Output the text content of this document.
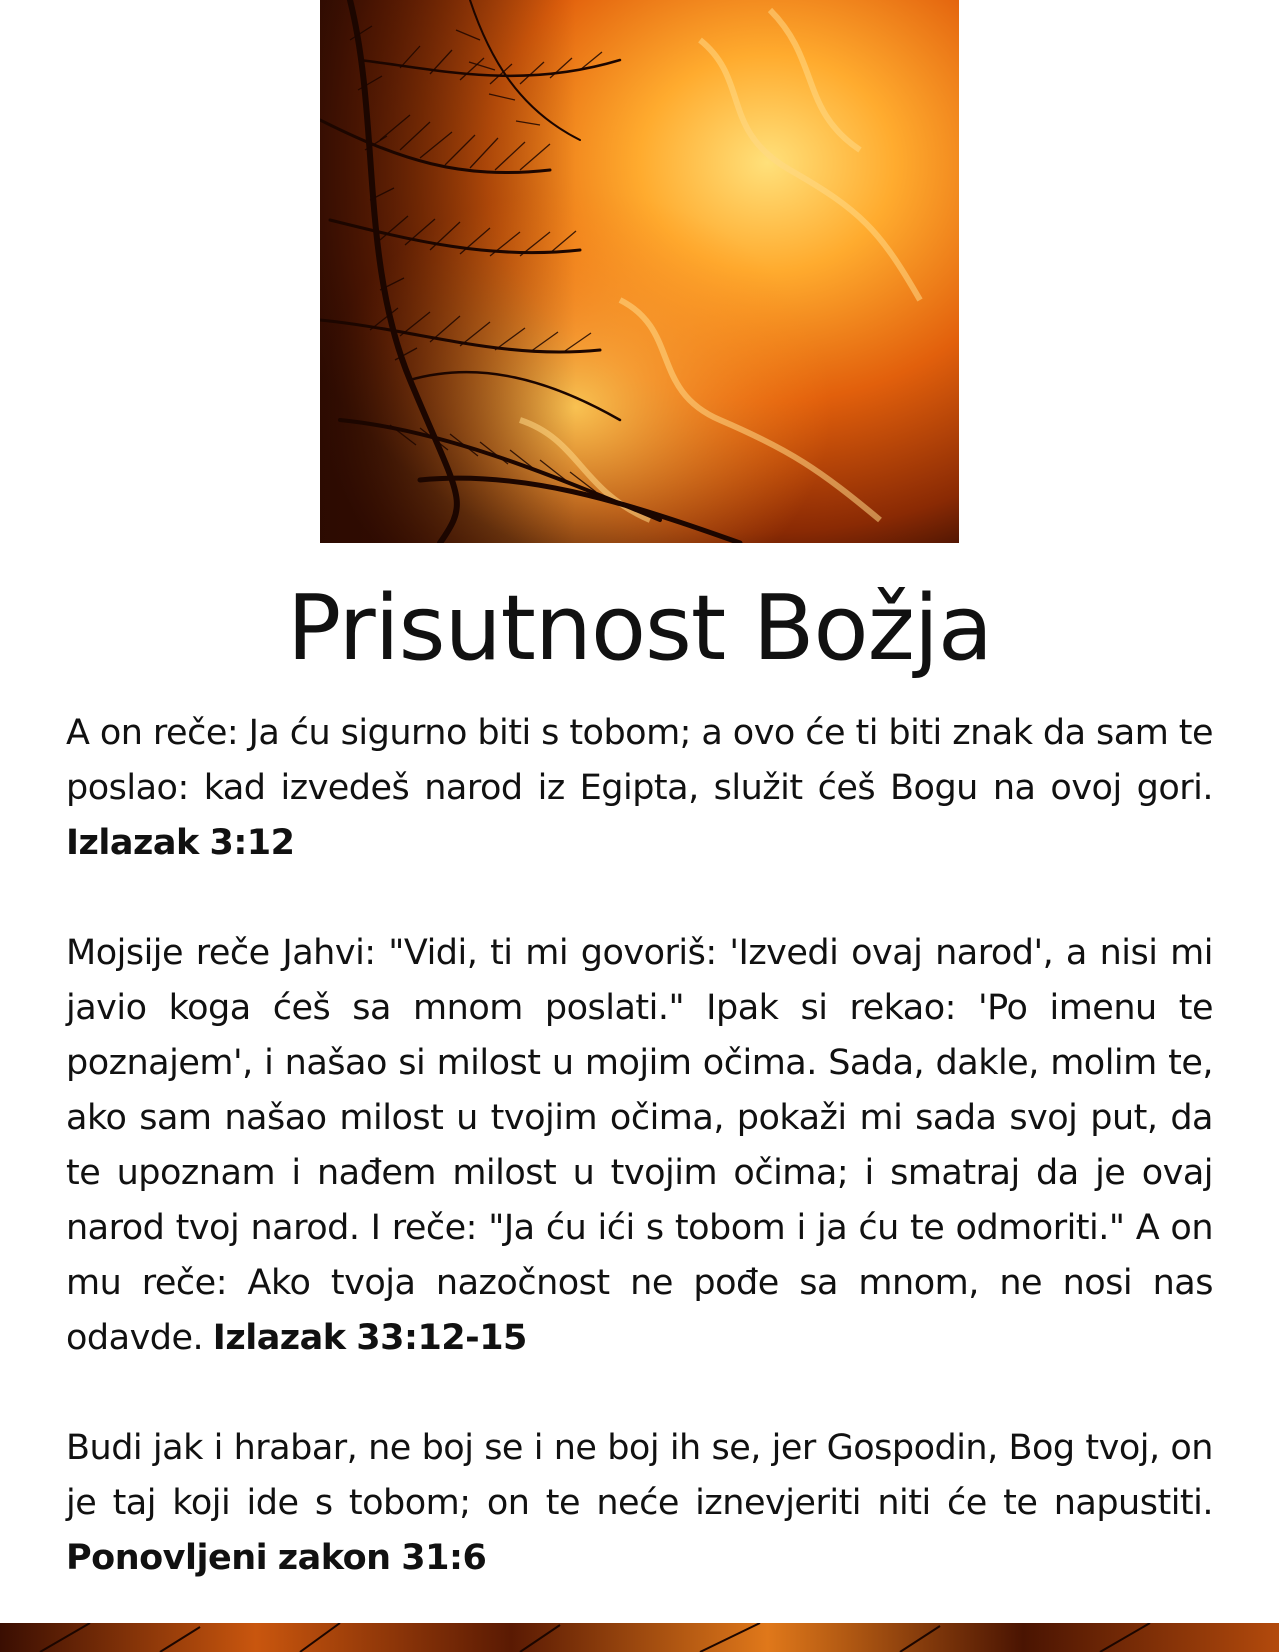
Prisutnost Božja

A on reče: Ja ću sigurno biti s tobom; a ovo će ti biti znak da sam te poslao: kad izvedeš narod iz Egipta, služit ćeš Bogu na ovoj gori. Izlazak 3:12

Mojsije reče Jahvi: "Vidi, ti mi govoriš: 'Izvedi ovaj narod', a nisi mi javio koga ćeš sa mnom poslati." Ipak si rekao: 'Po imenu te poznajem', i našao si milost u mojim očima. Sada, dakle, molim te, ako sam našao milost u tvojim očima, pokaži mi sada svoj put, da te upoznam i nađem milost u tvojim očima; i smatraj da je ovaj narod tvoj narod. I reče: "Ja ću ići s tobom i ja ću te odmoriti." A on mu reče: Ako tvoja nazočnost ne pođe sa mnom, ne nosi nas odavde. Izlazak 33:12-15

Budi jak i hrabar, ne boj se i ne boj ih se, jer Gospodin, Bog tvoj, on je taj koji ide s tobom; on te neće iznevjeriti niti će te napustiti. Ponovljeni zakon 31:6
